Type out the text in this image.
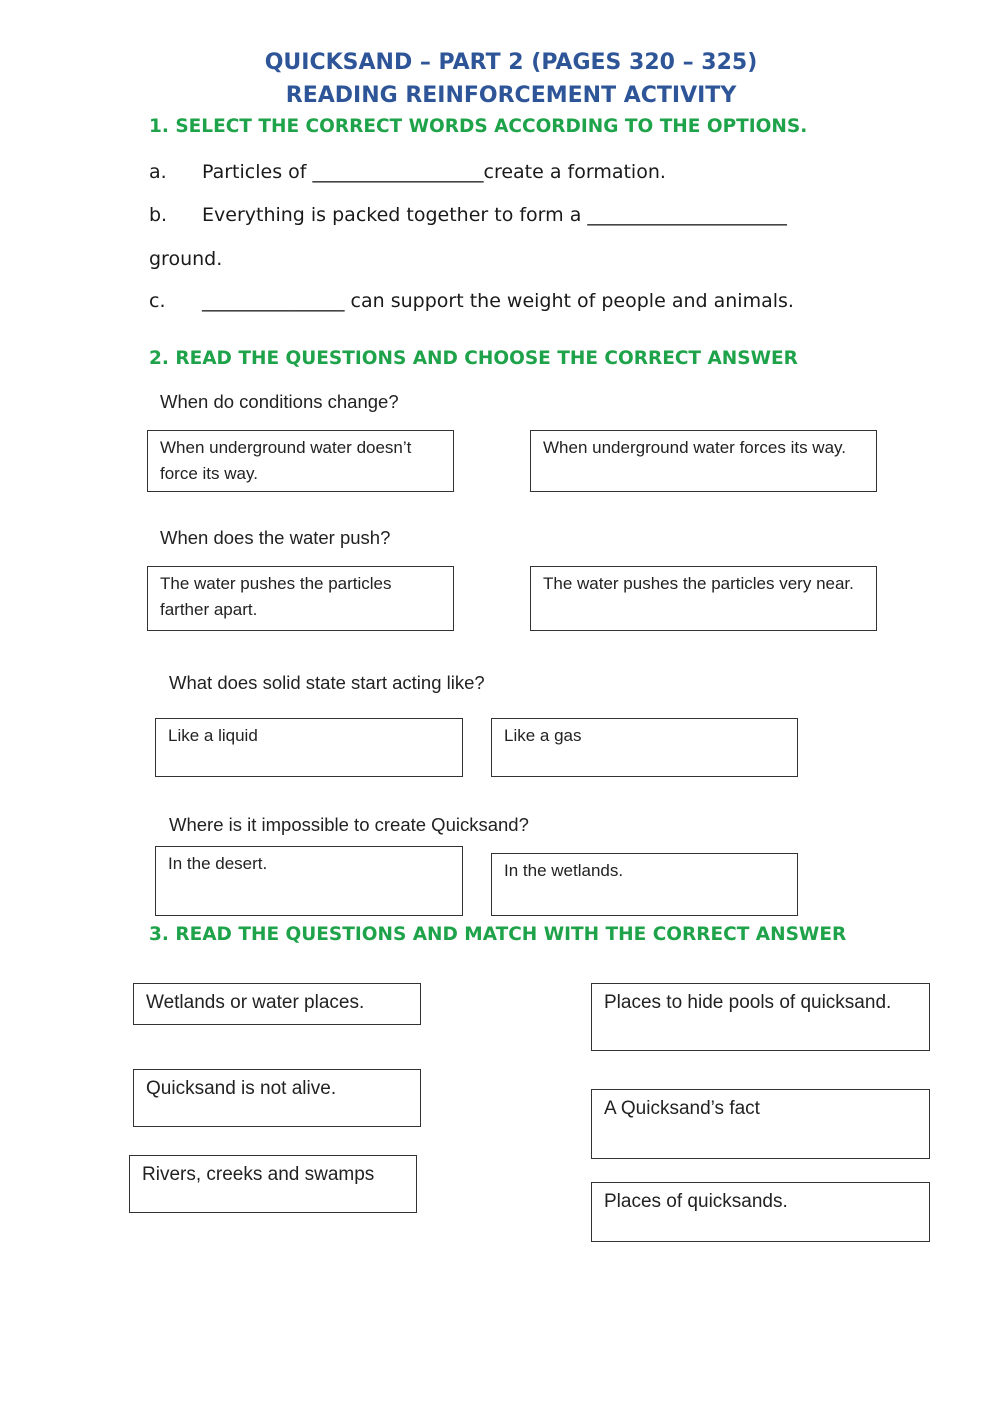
QUICKSAND – PART 2 (PAGES 320 – 325)
READING REINFORCEMENT ACTIVITY
1. SELECT THE CORRECT WORDS ACCORDING TO THE OPTIONS.
a. Particles of __________________create a formation.
b. Everything is packed together to form a _____________________
ground.
c. _______________ can support the weight of people and animals.
2. READ THE QUESTIONS AND CHOOSE THE CORRECT ANSWER
When do conditions change?
When underground water doesn’t force its way.
When underground water forces its way.
When does the water push?
The water pushes the particles farther apart.
The water pushes the particles very near.
What does solid state start acting like?
Like a liquid	Like a gas
Where is it impossible to create Quicksand?
In the desert.	In the wetlands.
3. READ THE QUESTIONS AND MATCH WITH THE CORRECT ANSWER
Wetlands or water places.
Quicksand is not alive.
Rivers, creeks and swamps
Places to hide pools of quicksand.
A Quicksand’s fact
Places of quicksands.
